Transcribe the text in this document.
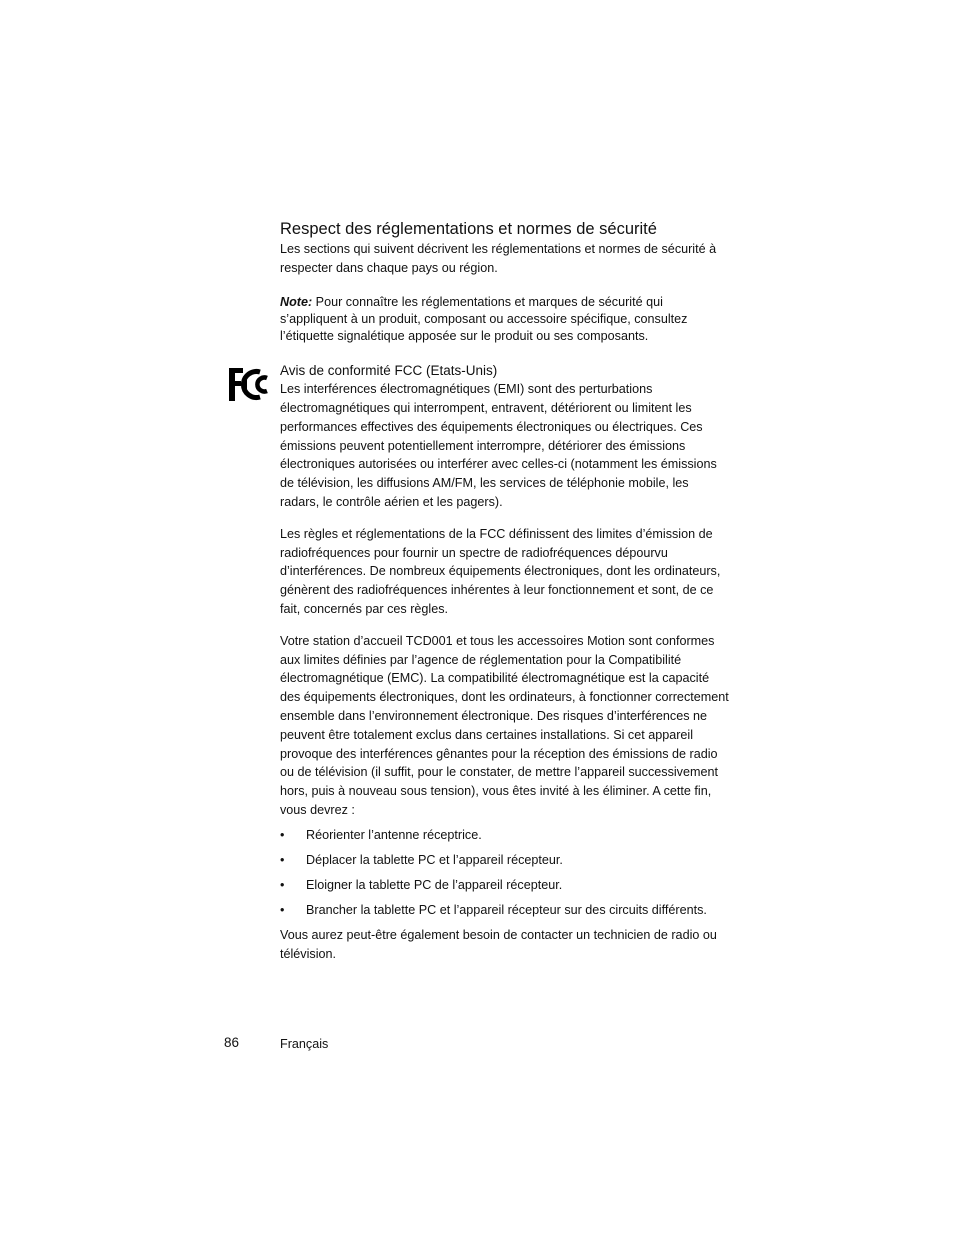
Respect des réglementations et normes de sécurité

Les sections qui suivent décrivent les réglementations et normes de sécurité à respecter dans chaque pays ou région.

Note: Pour connaître les réglementations et marques de sécurité qui s’appliquent à un produit, composant ou accessoire spécifique, consultez l’étiquette signalétique apposée sur le produit ou ses composants.

Avis de conformité FCC (Etats-Unis)

Les interférences électromagnétiques (EMI) sont des perturbations électromagnétiques qui interrompent, entravent, détériorent ou limitent les performances effectives des équipements électroniques ou électriques. Ces émissions peuvent potentiellement interrompre, détériorer des émissions électroniques autorisées ou interférer avec celles-ci (notamment les émissions de télévision, les diffusions AM/FM, les services de téléphonie mobile, les radars, le contrôle aérien et les pagers).

Les règles et réglementations de la FCC définissent des limites d’émission de radiofréquences pour fournir un spectre de radiofréquences dépourvu d’interférences. De nombreux équipements électroniques, dont les ordinateurs, génèrent des radiofréquences inhérentes à leur fonctionnement et sont, de ce fait, concernés par ces règles.

Votre station d’accueil TCD001 et tous les accessoires Motion sont conformes aux limites définies par l’agence de réglementation pour la Compatibilité électromagnétique (EMC). La compatibilité électromagnétique est la capacité des équipements électroniques, dont les ordinateurs, à fonctionner correctement ensemble dans l’environnement électronique. Des risques d’interférences ne peuvent être totalement exclus dans certaines installations. Si cet appareil provoque des interférences gênantes pour la réception des émissions de radio ou de télévision (il suffit, pour le constater, de mettre l’appareil successivement hors, puis à nouveau sous tension), vous êtes invité à les éliminer. A cette fin, vous devrez :

• Réorienter l’antenne réceptrice.
• Déplacer la tablette PC et l’appareil récepteur.
• Eloigner la tablette PC de l’appareil récepteur.
• Brancher la tablette PC et l’appareil récepteur sur des circuits différents.

Vous aurez peut-être également besoin de contacter un technicien de radio ou télévision.

86	Français
